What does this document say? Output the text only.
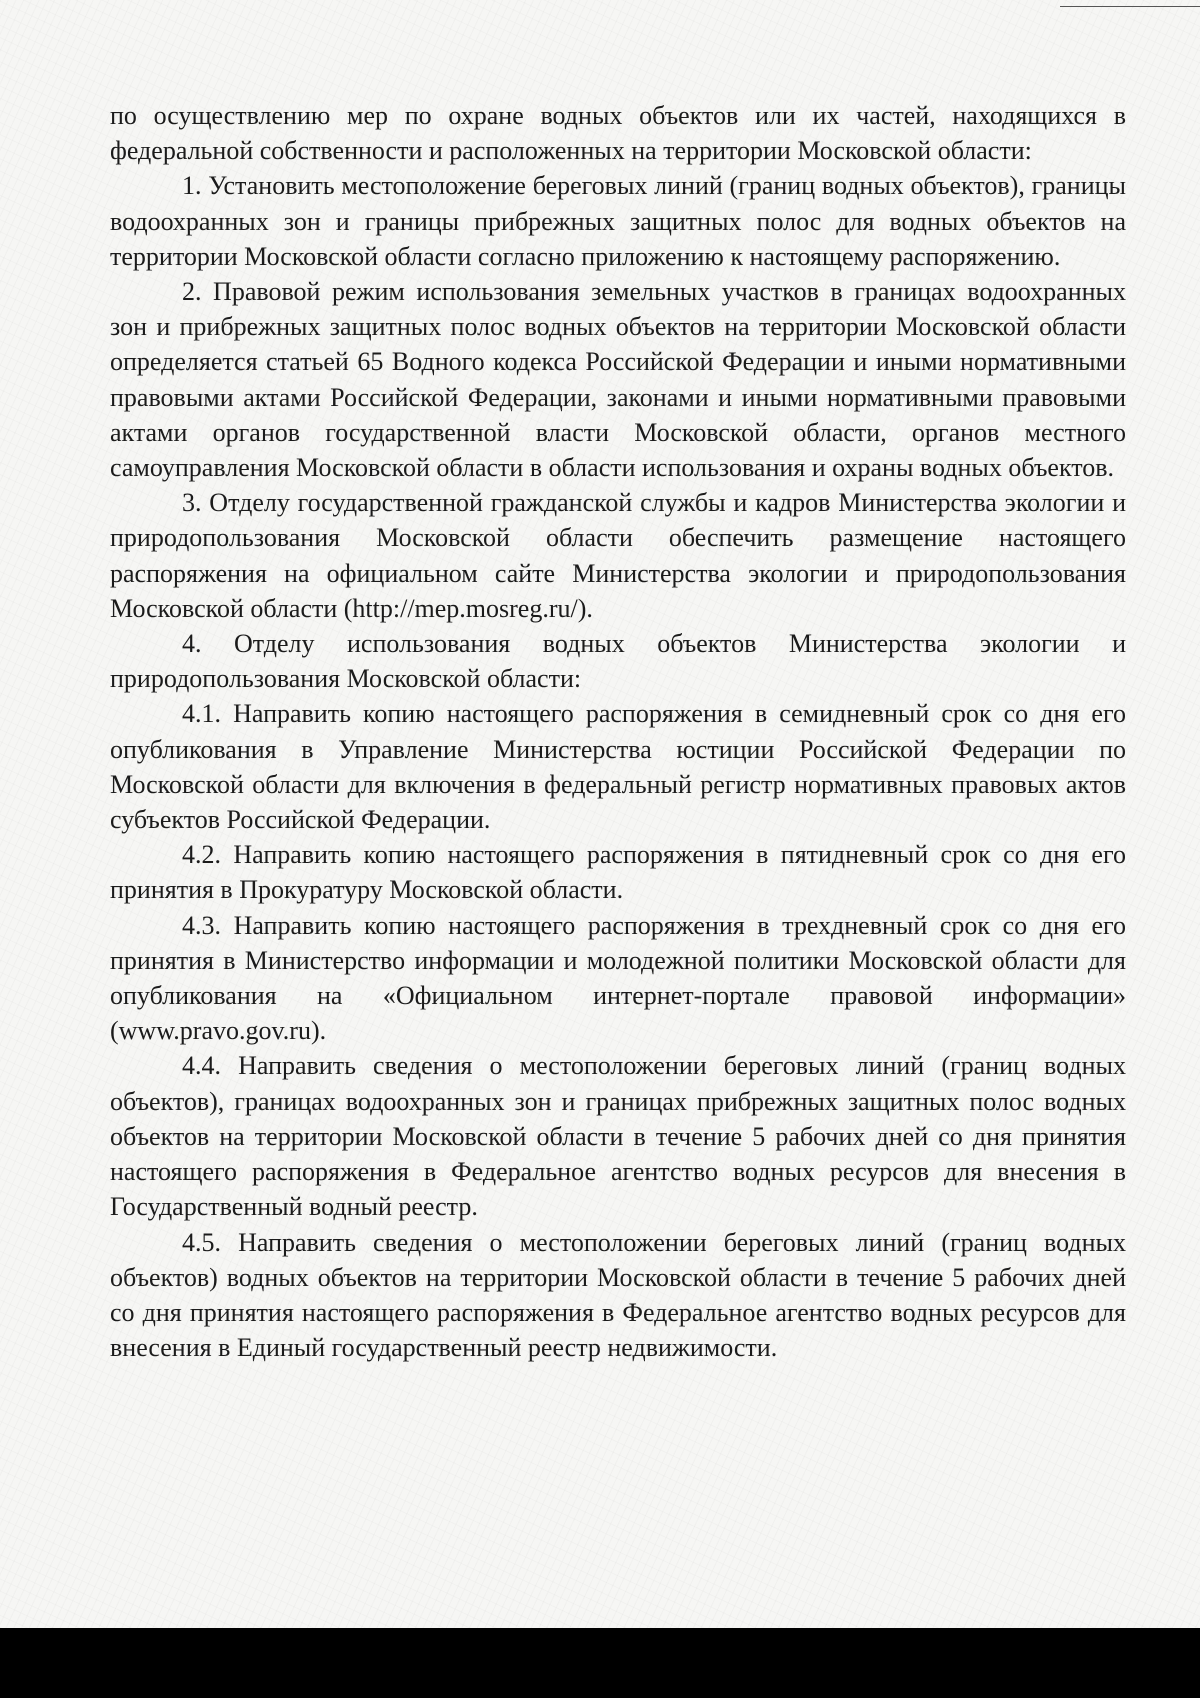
по осуществлению мер по охране водных объектов или их частей, находящихся в федеральной собственности и расположенных на территории Московской области:

1. Установить местоположение береговых линий (границ водных объектов), границы водоохранных зон и границы прибрежных защитных полос для водных объектов на территории Московской области согласно приложению к настоящему распоряжению.

2. Правовой режим использования земельных участков в границах водоохранных зон и прибрежных защитных полос водных объектов на территории Московской области определяется статьей 65 Водного кодекса Российской Федерации и иными нормативными правовыми актами Российской Федерации, законами и иными нормативными правовыми актами органов государственной власти Московской области, органов местного самоуправления Московской области в области использования и охраны водных объектов.

3. Отделу государственной гражданской службы и кадров Министерства экологии и природопользования Московской области обеспечить размещение настоящего распоряжения на официальном сайте Министерства экологии и природопользования Московской области (http://mep.mosreg.ru/).

4. Отделу использования водных объектов Министерства экологии и природопользования Московской области:

4.1. Направить копию настоящего распоряжения в семидневный срок со дня его опубликования в Управление Министерства юстиции Российской Федерации по Московской области для включения в федеральный регистр нормативных правовых актов субъектов Российской Федерации.

4.2. Направить копию настоящего распоряжения в пятидневный срок со дня его принятия в Прокуратуру Московской области.

4.3. Направить копию настоящего распоряжения в трехдневный срок со дня его принятия в Министерство информации и молодежной политики Московской области для опубликования на «Официальном интернет-портале правовой информации» (www.pravo.gov.ru).

4.4. Направить сведения о местоположении береговых линий (границ водных объектов), границах водоохранных зон и границах прибрежных защитных полос водных объектов на территории Московской области в течение 5 рабочих дней со дня принятия настоящего распоряжения в Федеральное агентство водных ресурсов для внесения в Государственный водный реестр.

4.5. Направить сведения о местоположении береговых линий (границ водных объектов) водных объектов на территории Московской области в течение 5 рабочих дней со дня принятия настоящего распоряжения в Федеральное агентство водных ресурсов для внесения в Единый государственный реестр недвижимости.
